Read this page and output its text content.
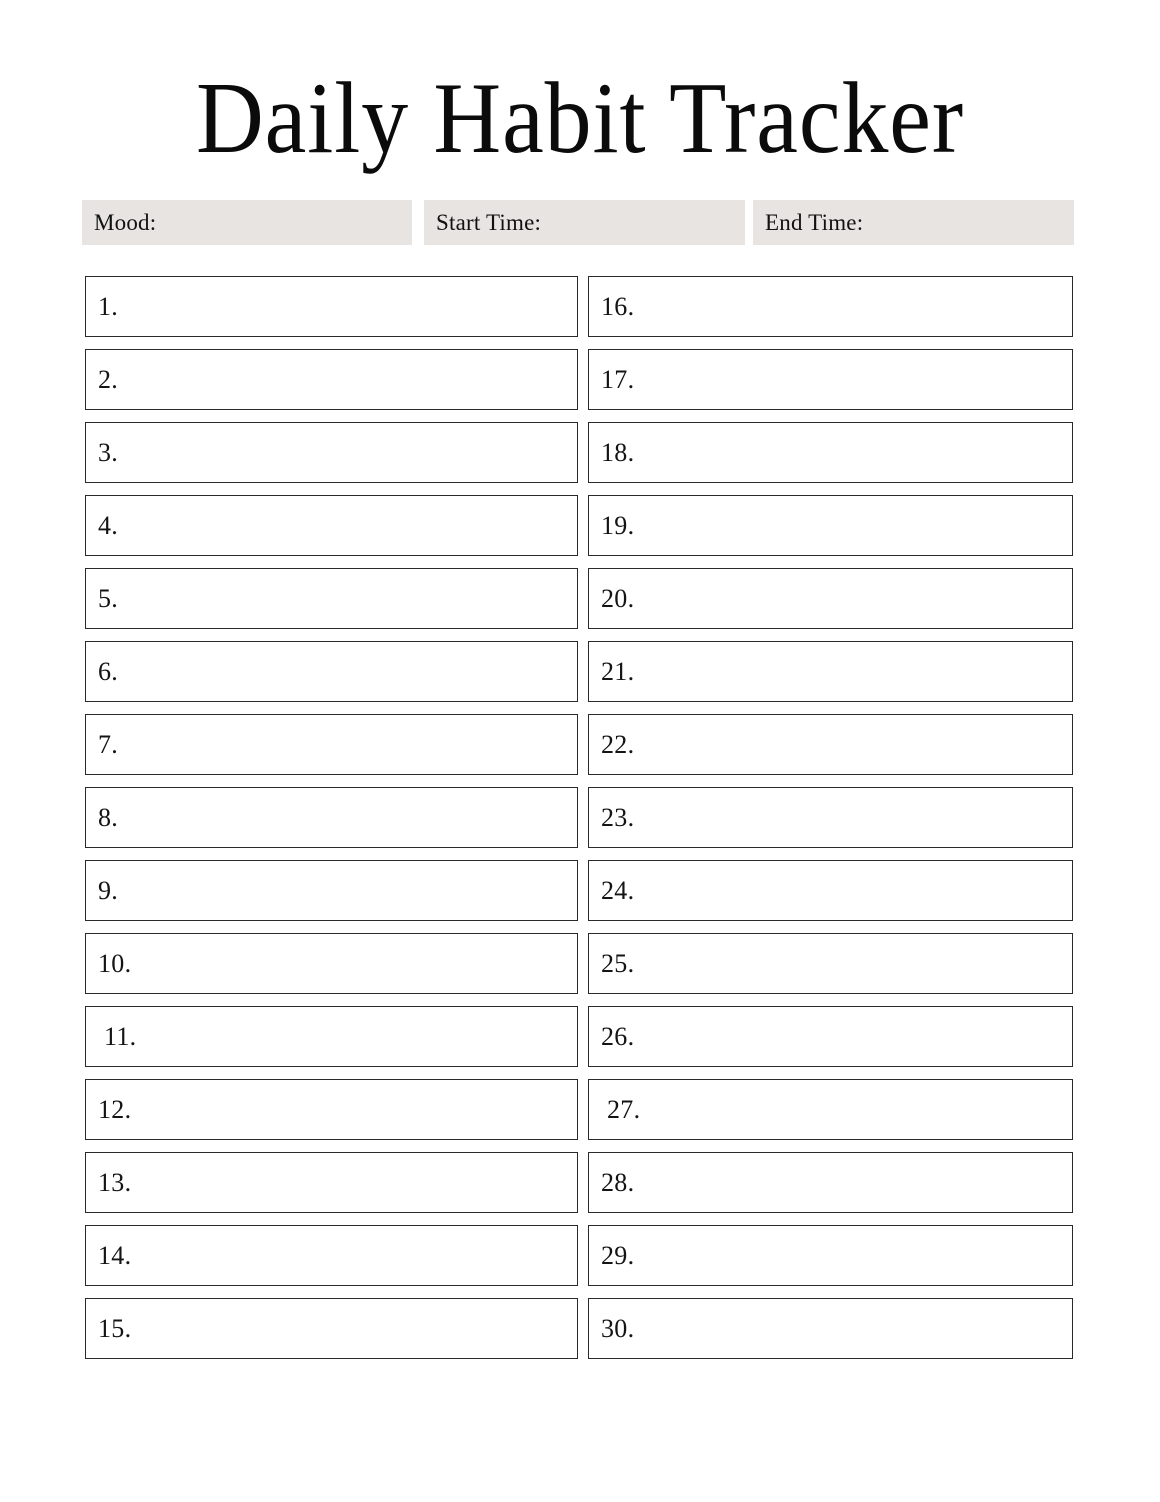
Daily Habit Tracker
Mood:	Start Time:	End Time:
1.	16.
2.	17.
3.	18.
4.	19.
5.	20.
6.	21.
7.	22.
8.	23.
9.	24.
10.	25.
11.	26.
12.	27.
13.	28.
14.	29.
15.	30.
